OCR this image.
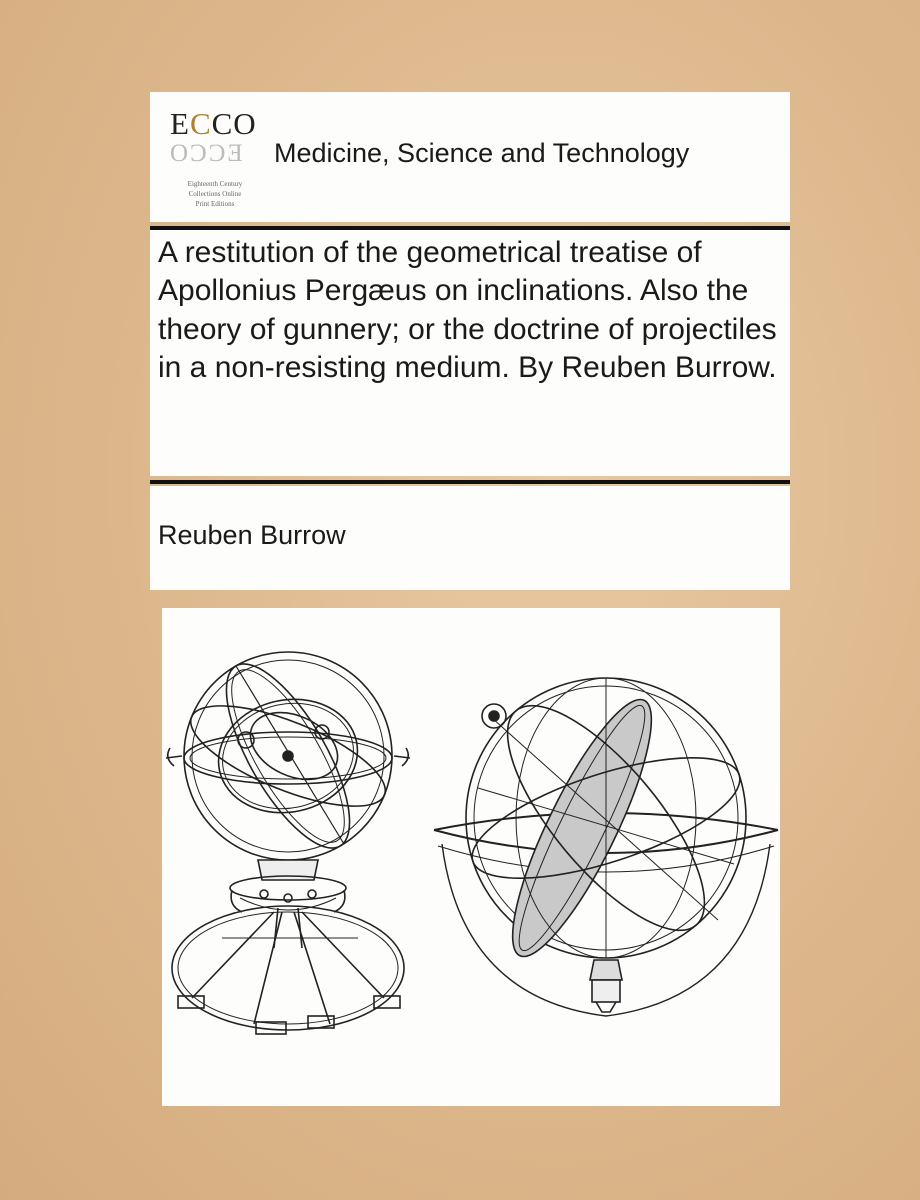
ECCO
OƆƆƎ
Eighteenth Century
Collections Online
Print Editions
Medicine, Science and Technology
A restitution of the geometrical treatise of Apollonius Pergæus on inclinations. Also the theory of gunnery; or the doctrine of projectiles in a non-resisting medium. By Reuben Burrow.
Reuben Burrow
